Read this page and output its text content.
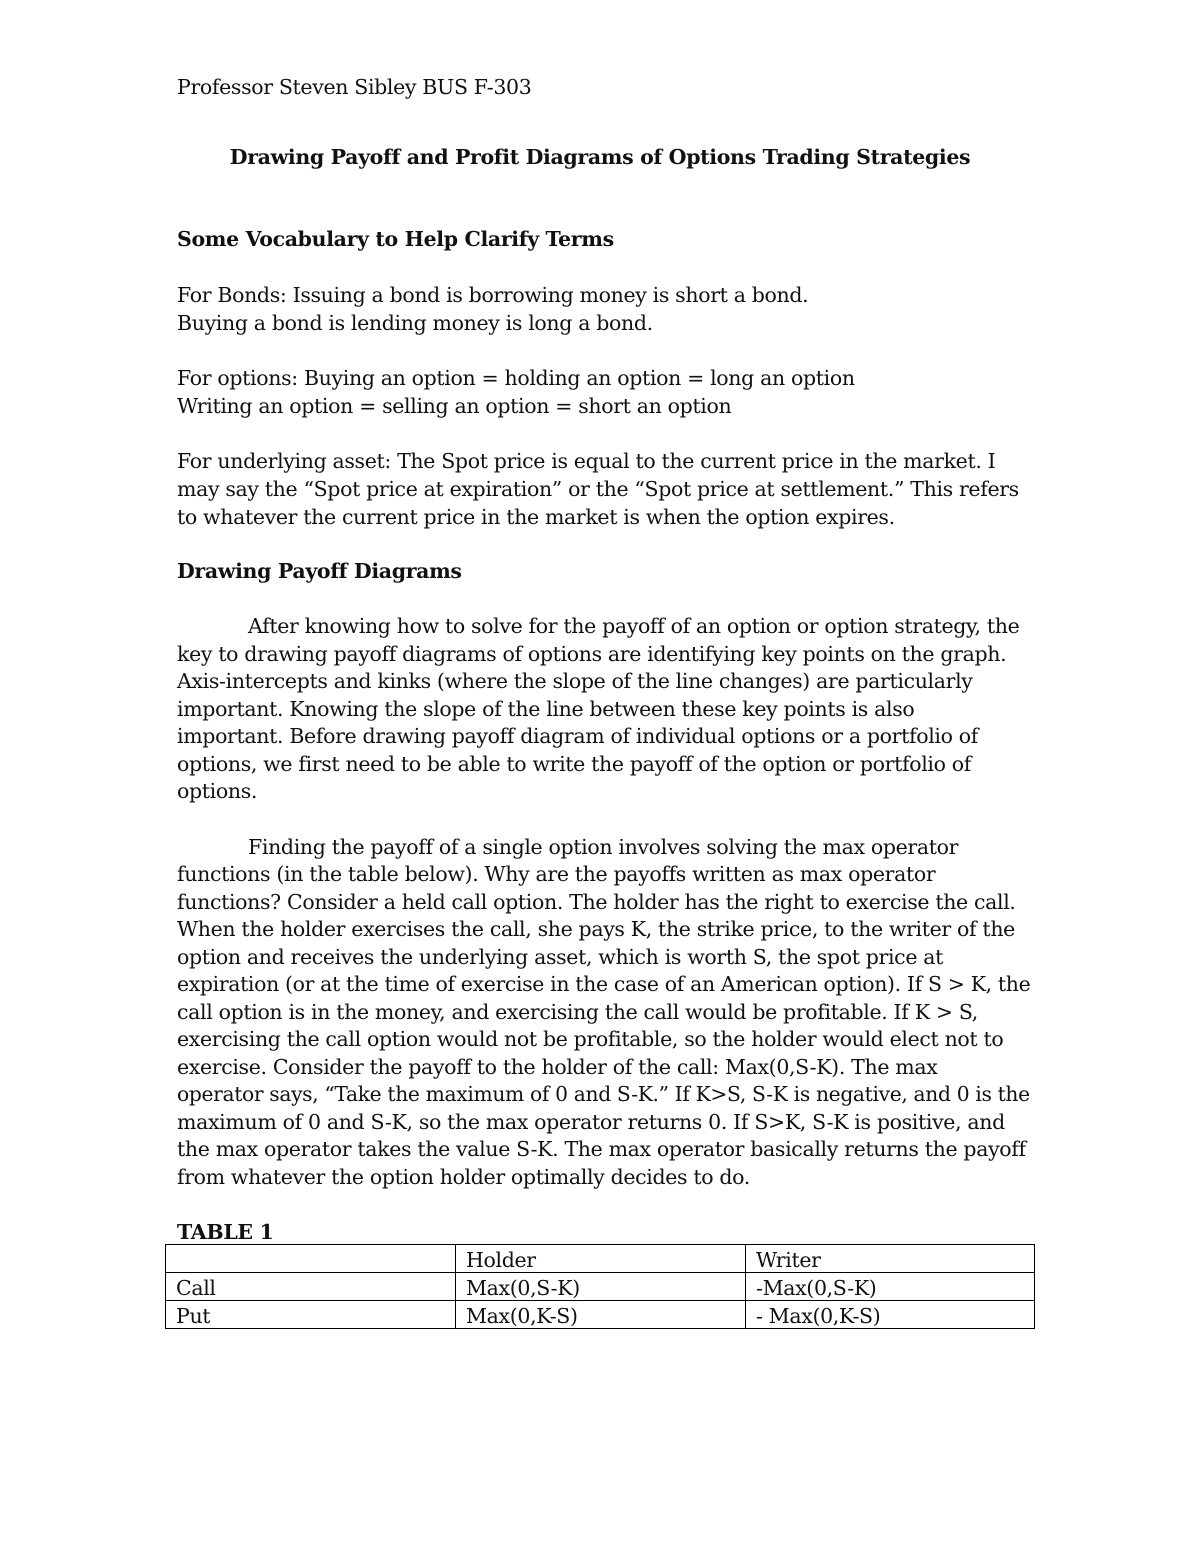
Professor Steven Sibley BUS F-303
Drawing Payoff and Profit Diagrams of Options Trading Strategies
Some Vocabulary to Help Clarify Terms
For Bonds: Issuing a bond is borrowing money is short a bond.
Buying a bond is lending money is long a bond.
For options: Buying an option = holding an option = long an option
Writing an option = selling an option = short an option
For underlying asset: The Spot price is equal to the current price in the market. I
may say the “Spot price at expiration” or the “Spot price at settlement.” This refers
to whatever the current price in the market is when the option expires.
Drawing Payoff Diagrams
After knowing how to solve for the payoff of an option or option strategy, the
key to drawing payoff diagrams of options are identifying key points on the graph.
Axis-intercepts and kinks (where the slope of the line changes) are particularly
important. Knowing the slope of the line between these key points is also
important. Before drawing payoff diagram of individual options or a portfolio of
options, we first need to be able to write the payoff of the option or portfolio of
options.
Finding the payoff of a single option involves solving the max operator
functions (in the table below). Why are the payoffs written as max operator
functions? Consider a held call option. The holder has the right to exercise the call.
When the holder exercises the call, she pays K, the strike price, to the writer of the
option and receives the underlying asset, which is worth S, the spot price at
expiration (or at the time of exercise in the case of an American option). If S > K, the
call option is in the money, and exercising the call would be profitable. If K > S,
exercising the call option would not be profitable, so the holder would elect not to
exercise. Consider the payoff to the holder of the call: Max(0,S-K). The max
operator says, “Take the maximum of 0 and S-K.” If K>S, S-K is negative, and 0 is the
maximum of 0 and S-K, so the max operator returns 0. If S>K, S-K is positive, and
the max operator takes the value S-K. The max operator basically returns the payoff
from whatever the option holder optimally decides to do.
TABLE 1
	Holder	Writer
Call	Max(0,S-K)	-Max(0,S-K)
Put	Max(0,K-S)	- Max(0,K-S)
